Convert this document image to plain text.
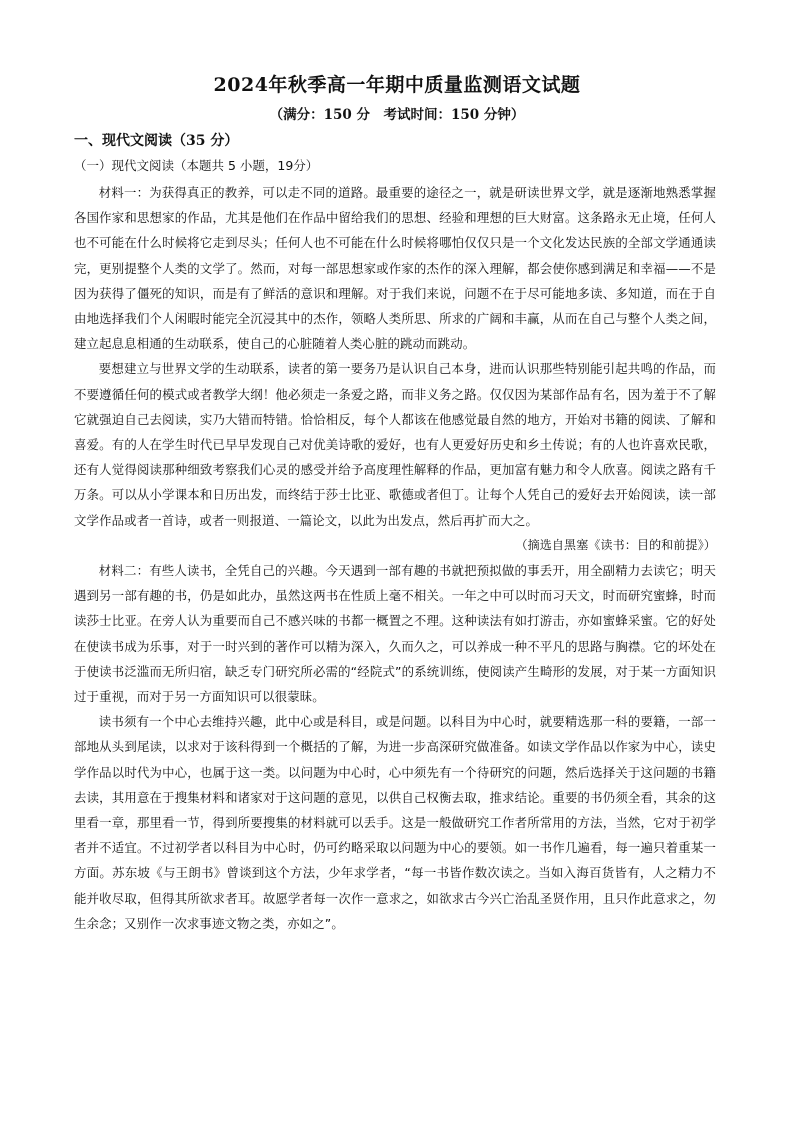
2024年秋季高一年期中质量监测语文试题
（满分：150 分　考试时间：150 分钟）
一、现代文阅读（35 分）
（一）现代文阅读（本题共 5 小题，19分）

材料一：为获得真正的教养，可以走不同的道路。最重要的途径之一，就是研读世界文学，就是逐渐地熟悉掌握各国作家和思想家的作品，尤其是他们在作品中留给我们的思想、经验和理想的巨大财富。这条路永无止境，任何人也不可能在什么时候将它走到尽头；任何人也不可能在什么时候将哪怕仅仅只是一个文化发达民族的全部文学通通读完，更别提整个人类的文学了。然而，对每一部思想家或作家的杰作的深入理解，都会使你感到满足和幸福——不是因为获得了僵死的知识，而是有了鲜活的意识和理解。对于我们来说，问题不在于尽可能地多读、多知道，而在于自由地选择我们个人闲暇时能完全沉浸其中的杰作，领略人类所思、所求的广阔和丰赢，从而在自己与整个人类之间，建立起息息相通的生动联系，使自己的心脏随着人类心脏的跳动而跳动。

要想建立与世界文学的生动联系，读者的第一要务乃是认识自己本身，进而认识那些特别能引起共鸣的作品，而不要遵循任何的模式或者教学大纲！他必须走一条爱之路，而非义务之路。仅仅因为某部作品有名，因为羞于不了解它就强迫自己去阅读，实乃大错而特错。恰恰相反，每个人都该在他感觉最自然的地方，开始对书籍的阅读、了解和喜爱。有的人在学生时代已早早发现自己对优美诗歌的爱好，也有人更爱好历史和乡土传说；有的人也许喜欢民歌，还有人觉得阅读那种细致考察我们心灵的感受并给予高度理性解释的作品，更加富有魅力和令人欣喜。阅读之路有千万条。可以从小学课本和日历出发，而终结于莎士比亚、歌德或者但丁。让每个人凭自己的爱好去开始阅读，读一部文学作品或者一首诗，或者一则报道、一篇论文，以此为出发点，然后再扩而大之。

（摘选自黑塞《读书：目的和前提》）

材料二：有些人读书，全凭自己的兴趣。今天遇到一部有趣的书就把预拟做的事丢开，用全副精力去读它；明天遇到另一部有趣的书，仍是如此办，虽然这两书在性质上毫不相关。一年之中可以时而习天文，时而研究蜜蜂，时而读莎士比亚。在旁人认为重要而自己不感兴味的书都一概置之不理。这种读法有如打游击，亦如蜜蜂采蜜。它的好处在使读书成为乐事，对于一时兴到的著作可以精为深入，久而久之，可以养成一种不平凡的思路与胸襟。它的坏处在于使读书泛滥而无所归宿，缺乏专门研究所必需的“经院式”的系统训练，使阅读产生畸形的发展，对于某一方面知识过于重视，而对于另一方面知识可以很蒙昧。

读书须有一个中心去维持兴趣，此中心或是科目，或是问题。以科目为中心时，就要精选那一科的要籍，一部一部地从头到尾读，以求对于该科得到一个概括的了解，为进一步高深研究做准备。如读文学作品以作家为中心，读史学作品以时代为中心，也属于这一类。以问题为中心时，心中须先有一个待研究的问题，然后选择关于这问题的书籍去读，其用意在于搜集材料和诸家对于这问题的意见，以供自己权衡去取，推求结论。重要的书仍须全看，其余的这里看一章，那里看一节，得到所要搜集的材料就可以丢手。这是一般做研究工作者所常用的方法，当然，它对于初学者并不适宜。不过初学者以科目为中心时，仍可约略采取以问题为中心的要领。如一书作几遍看，每一遍只着重某一方面。苏东坡《与王朗书》曾谈到这个方法，少年求学者，“每一书皆作数次读之。当如入海百货皆有，人之精力不能并收尽取，但得其所欲求者耳。故愿学者每一次作一意求之，如欲求古今兴亡治乱圣贤作用，且只作此意求之，勿生余念；又别作一次求事迹文物之类，亦如之”。
